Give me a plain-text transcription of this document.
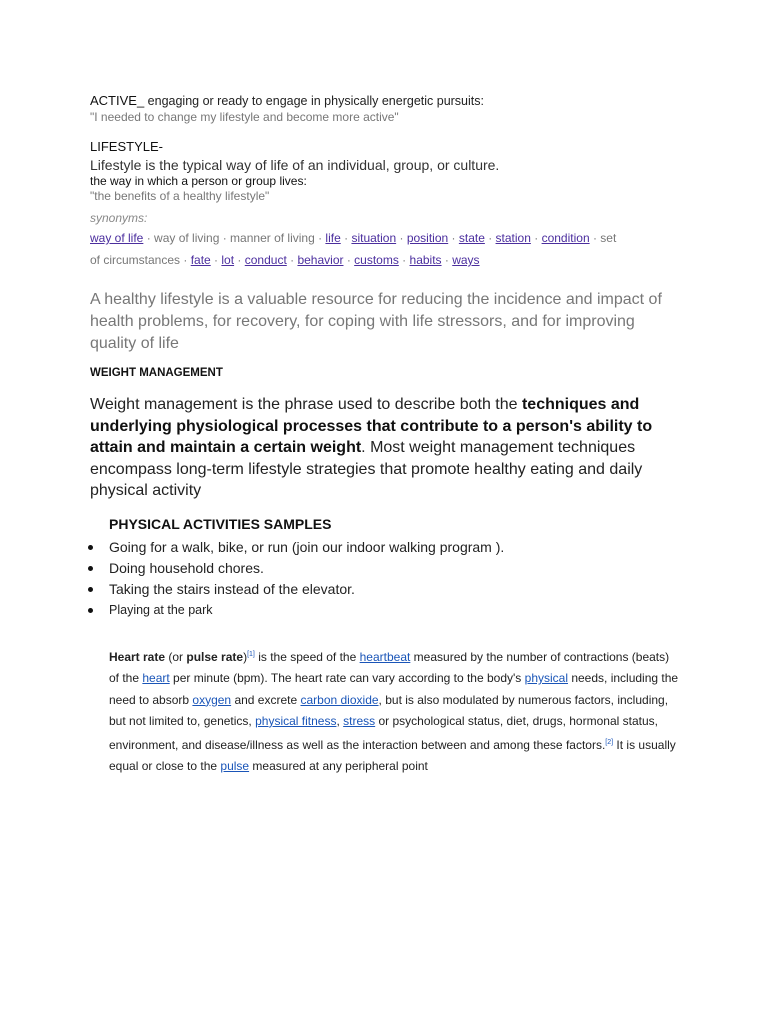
ACTIVE_ engaging or ready to engage in physically energetic pursuits:
"I needed to change my lifestyle and become more active"
LIFESTYLE-
Lifestyle is the typical way of life of an individual, group, or culture.
the way in which a person or group lives:
"the benefits of a healthy lifestyle"
synonyms:
way of life · way of living · manner of living · life · situation · position · state · station · condition · set
of circumstances · fate · lot · conduct · behavior · customs · habits · ways
A healthy lifestyle is a valuable resource for reducing the incidence and impact of health problems, for recovery, for coping with life stressors, and for improving quality of life
WEIGHT MANAGEMENT
Weight management is the phrase used to describe both the techniques and underlying physiological processes that contribute to a person's ability to attain and maintain a certain weight. Most weight management techniques encompass long-term lifestyle strategies that promote healthy eating and daily physical activity
PHYSICAL ACTIVITIES SAMPLES
Going for a walk, bike, or run (join our indoor walking program ).
Doing household chores.
Taking the stairs instead of the elevator.
Playing at the park
Heart rate (or pulse rate)[1] is the speed of the heartbeat measured by the number of contractions (beats) of the heart per minute (bpm). The heart rate can vary according to the body's physical needs, including the need to absorb oxygen and excrete carbon dioxide, but is also modulated by numerous factors, including, but not limited to, genetics, physical fitness, stress or psychological status, diet, drugs, hormonal status, environment, and disease/illness as well as the interaction between and among these factors.[2] It is usually equal or close to the pulse measured at any peripheral point
